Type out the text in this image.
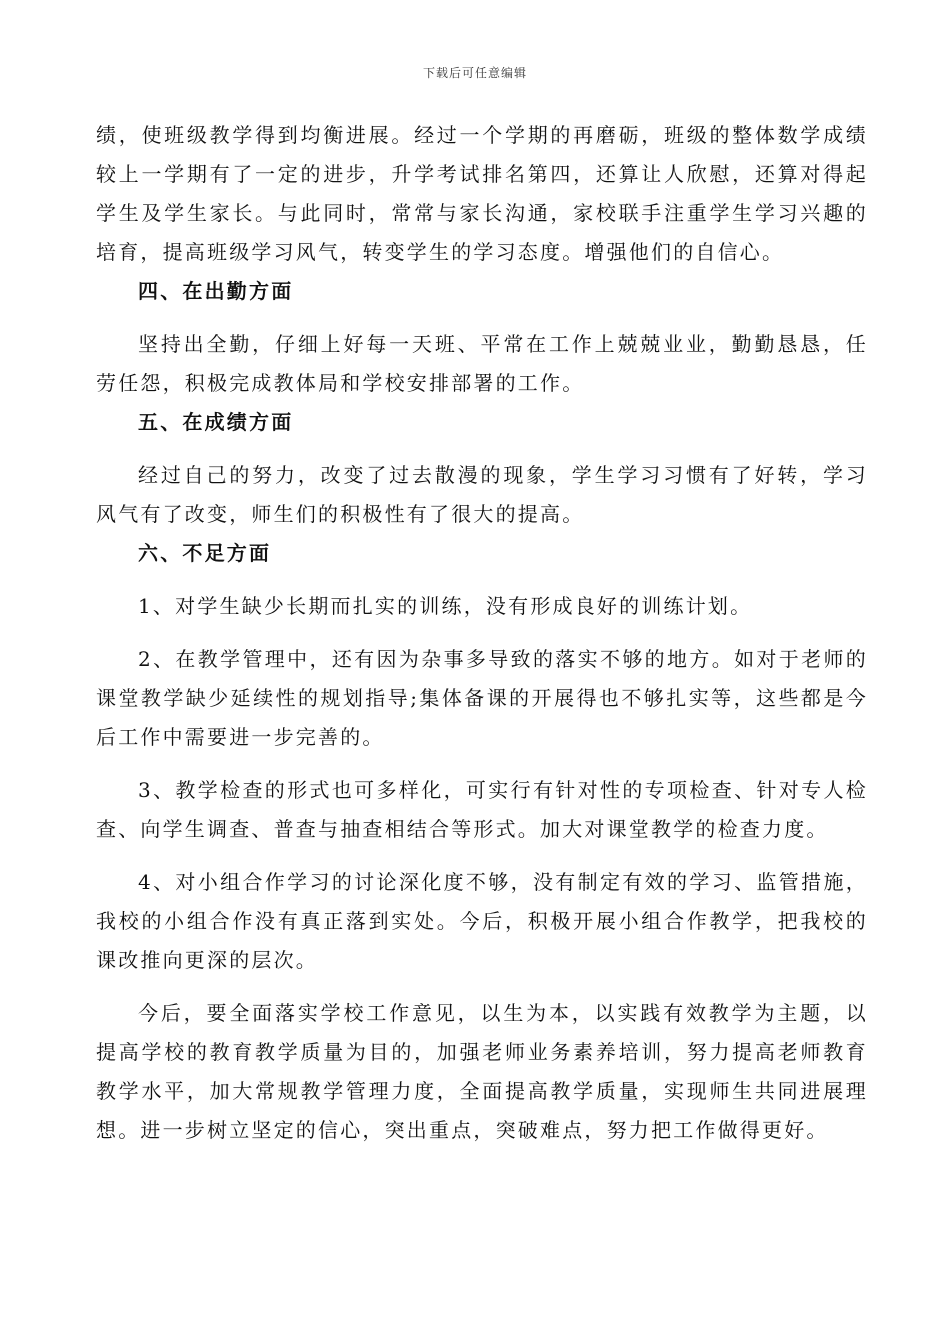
下载后可任意编辑

绩，使班级教学得到均衡进展。经过一个学期的再磨砺，班级的整体数学成绩较上一学期有了一定的进步，升学考试排名第四，还算让人欣慰，还算对得起学生及学生家长。与此同时，常常与家长沟通，家校联手注重学生学习兴趣的培育，提高班级学习风气，转变学生的学习态度。增强他们的自信心。

四、在出勤方面

坚持出全勤，仔细上好每一天班、平常在工作上兢兢业业，勤勤恳恳，任劳任怨，积极完成教体局和学校安排部署的工作。

五、在成绩方面

经过自己的努力，改变了过去散漫的现象，学生学习习惯有了好转，学习风气有了改变，师生们的积极性有了很大的提高。

六、不足方面

1、对学生缺少长期而扎实的训练，没有形成良好的训练计划。

2、在教学管理中，还有因为杂事多导致的落实不够的地方。如对于老师的课堂教学缺少延续性的规划指导;集体备课的开展得也不够扎实等，这些都是今后工作中需要进一步完善的。

3、教学检查的形式也可多样化，可实行有针对性的专项检查、针对专人检查、向学生调查、普查与抽查相结合等形式。加大对课堂教学的检查力度。

4、对小组合作学习的讨论深化度不够，没有制定有效的学习、监管措施，我校的小组合作没有真正落到实处。今后，积极开展小组合作教学，把我校的课改推向更深的层次。

今后，要全面落实学校工作意见，以生为本，以实践有效教学为主题，以提高学校的教育教学质量为目的，加强老师业务素养培训，努力提高老师教育教学水平，加大常规教学管理力度，全面提高教学质量，实现师生共同进展理想。进一步树立坚定的信心，突出重点，突破难点，努力把工作做得更好。
